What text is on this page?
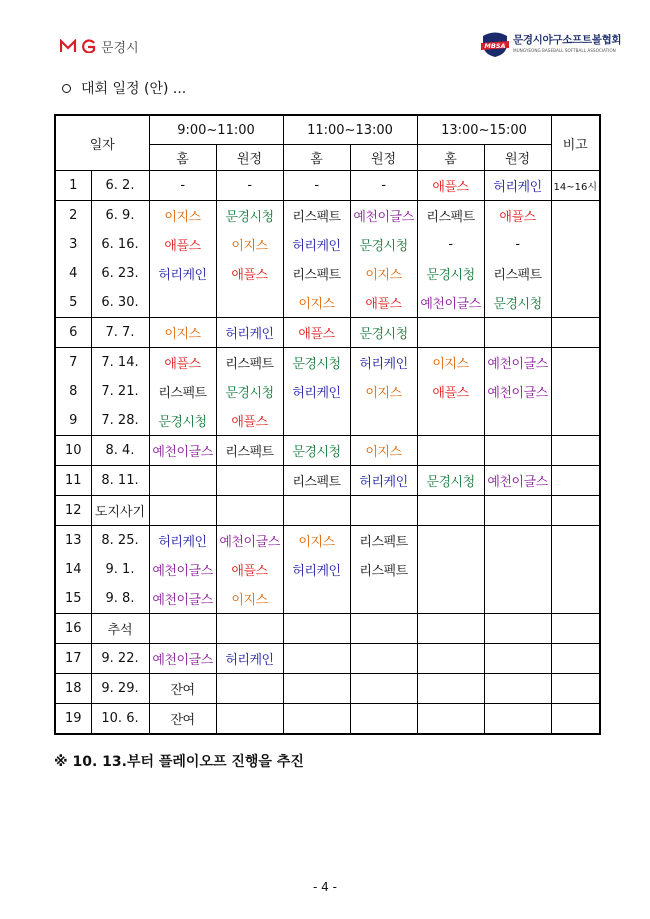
문경시	MBSA 문경시야구소프트볼협회
MUNGYEONG BASEBALL SOFTBALL ASSOCIATION
대회 일정 (안) ...
일자		9:00~11:00		11:00~13:00		13:00~15:00		비고
		홈	원정	홈	원정	홈	원정	
1	6. 2.	-	-	-	-	애플스	허리케인	14~16시
2	6. 9.	이지스	문경시청	리스펙트	예천이글스	리스펙트	애플스	
3	6. 16.	애플스	이지스	허리케인	문경시청	-	-	
4	6. 23.	허리케인	애플스	리스펙트	이지스	문경시청	리스펙트	
5	6. 30.			이지스	애플스	예천이글스	문경시청	
6	7. 7.	이지스	허리케인	애플스	문경시청			
7	7. 14.	애플스	리스펙트	문경시청	허리케인	이지스	예천이글스	
8	7. 21.	리스펙트	문경시청	허리케인	이지스	애플스	예천이글스	
9	7. 28.	문경시청	애플스					
10	8. 4.	예천이글스	리스펙트	문경시청	이지스			
11	8. 11.			리스펙트	허리케인	문경시청	예천이글스	
12	도지사기							
13	8. 25.	허리케인	예천이글스	이지스	리스펙트			
14	9. 1.	예천이글스	애플스	허리케인	리스펙트			
15	9. 8.	예천이글스	이지스					
16	추석							
17	9. 22.	예천이글스	허리케인					
18	9. 29.	잔여						
19	10. 6.	잔여						
※ 10. 13.부터 플레이오프 진행을 추진
- 4 -
